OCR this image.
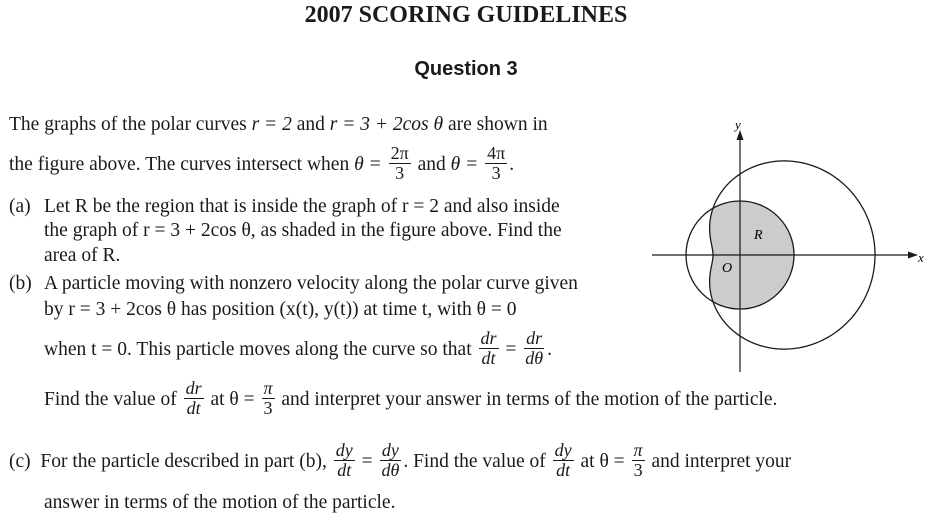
2007 SCORING GUIDELINES
Question 3
The graphs of the polar curves r = 2 and r = 3 + 2cos θ are shown in
the figure above. The curves intersect when $\theta = \frac{2\pi}{3}$ and $\theta = \frac{4\pi}{3}$ .
(a) Let R be the region that is inside the graph of r = 2 and also inside
the graph of r = 3 + 2cos θ, as shaded in the figure above. Find the
area of R.
(b) A particle moving with nonzero velocity along the polar curve given
by r = 3 + 2cos θ has position (x(t), y(t)) at time t, with θ = 0
when t = 0. This particle moves along the curve so that $\frac{dr}{dt} = \frac{dr}{d\theta}$ .
Find the value of $\frac{dr}{dt}$ at $\theta = \frac{\pi}{3}$ and interpret your answer in terms of the motion of the particle.
(c) For the particle described in part (b), $\frac{dy}{dt} = \frac{dy}{d\theta}$ . Find the value of $\frac{dy}{dt}$ at $\theta = \frac{\pi}{3}$ and interpret your
answer in terms of the motion of the particle.
y
x
O
R
